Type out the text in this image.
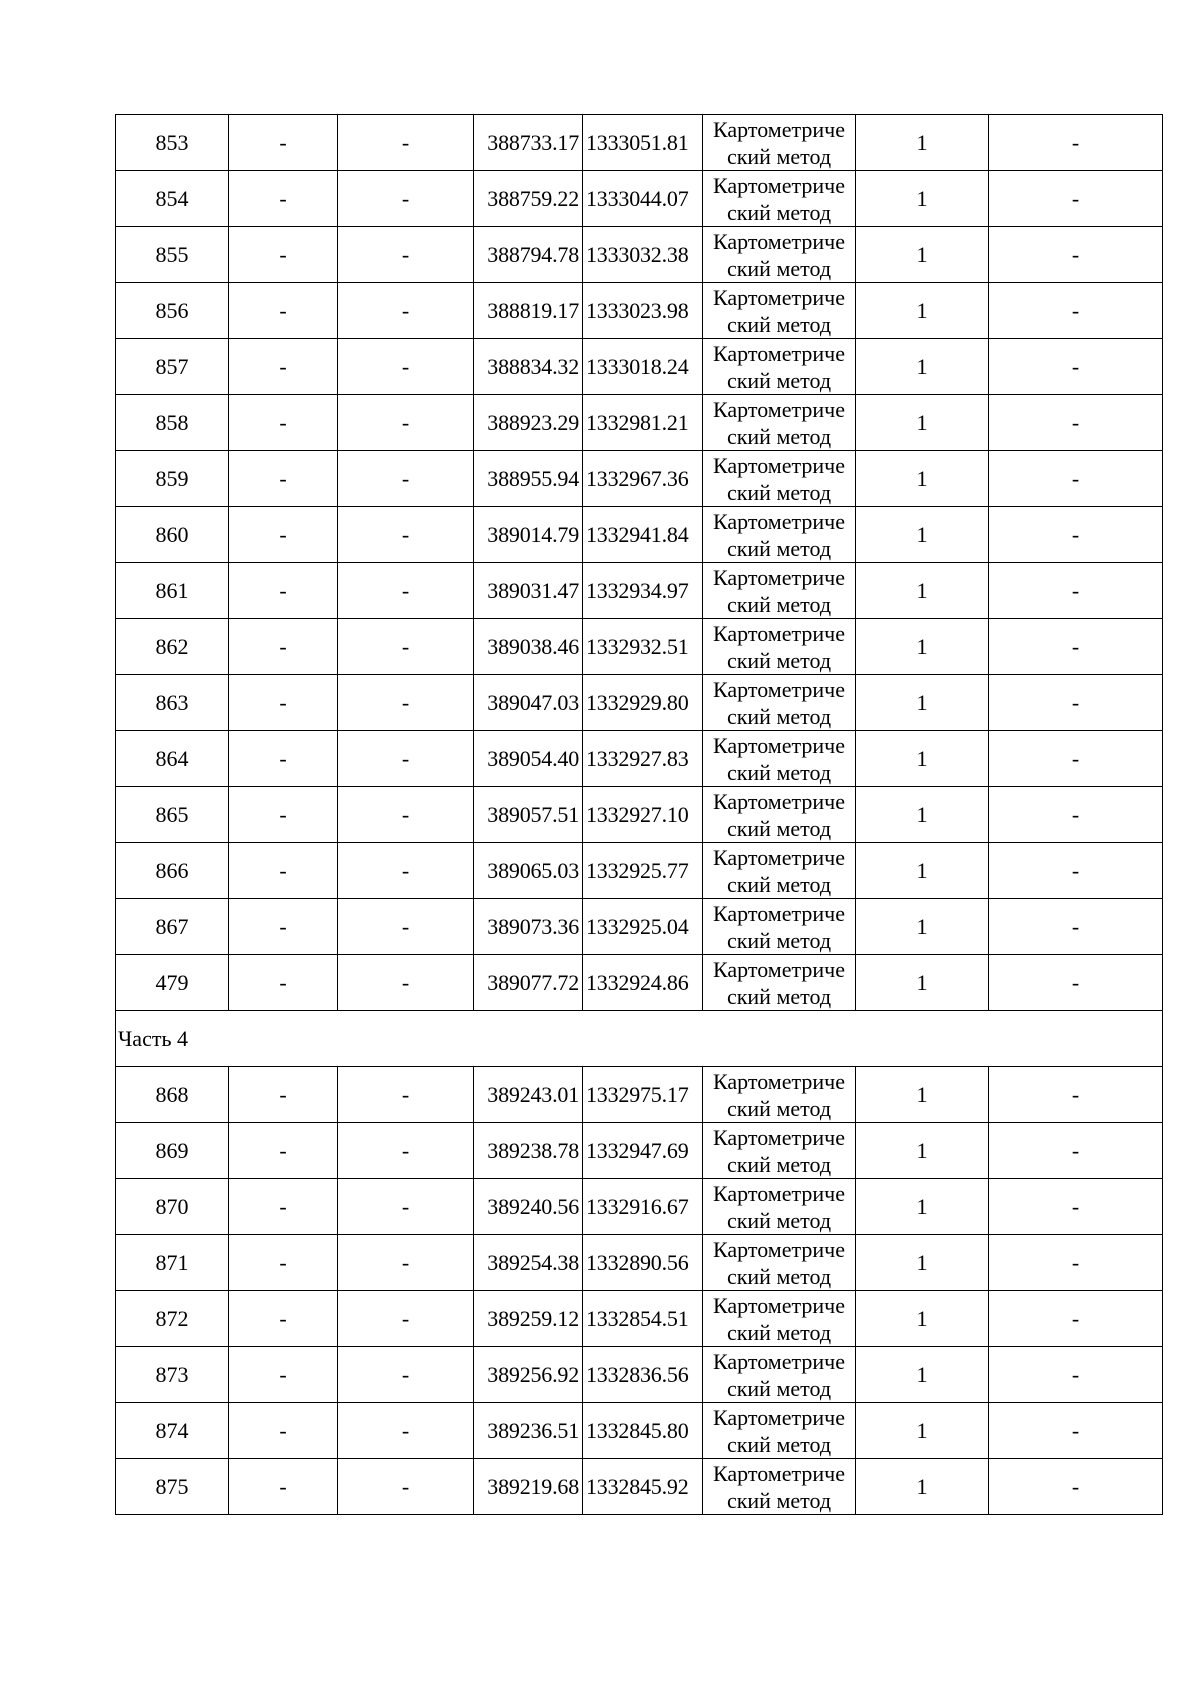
853	-	-	388733.17	1333051.81	Картометриче
ский метод	1	-
854	-	-	388759.22	1333044.07	Картометриче
ский метод	1	-
855	-	-	388794.78	1333032.38	Картометриче
ский метод	1	-
856	-	-	388819.17	1333023.98	Картометриче
ский метод	1	-
857	-	-	388834.32	1333018.24	Картометриче
ский метод	1	-
858	-	-	388923.29	1332981.21	Картометриче
ский метод	1	-
859	-	-	388955.94	1332967.36	Картометриче
ский метод	1	-
860	-	-	389014.79	1332941.84	Картометриче
ский метод	1	-
861	-	-	389031.47	1332934.97	Картометриче
ский метод	1	-
862	-	-	389038.46	1332932.51	Картометриче
ский метод	1	-
863	-	-	389047.03	1332929.80	Картометриче
ский метод	1	-
864	-	-	389054.40	1332927.83	Картометриче
ский метод	1	-
865	-	-	389057.51	1332927.10	Картометриче
ский метод	1	-
866	-	-	389065.03	1332925.77	Картометриче
ский метод	1	-
867	-	-	389073.36	1332925.04	Картометриче
ский метод	1	-
479	-	-	389077.72	1332924.86	Картометриче
ский метод	1	-
Часть 4							
868	-	-	389243.01	1332975.17	Картометриче
ский метод	1	-
869	-	-	389238.78	1332947.69	Картометриче
ский метод	1	-
870	-	-	389240.56	1332916.67	Картометриче
ский метод	1	-
871	-	-	389254.38	1332890.56	Картометриче
ский метод	1	-
872	-	-	389259.12	1332854.51	Картометриче
ский метод	1	-
873	-	-	389256.92	1332836.56	Картометриче
ский метод	1	-
874	-	-	389236.51	1332845.80	Картометриче
ский метод	1	-
875	-	-	389219.68	1332845.92	Картометриче
ский метод	1	-
